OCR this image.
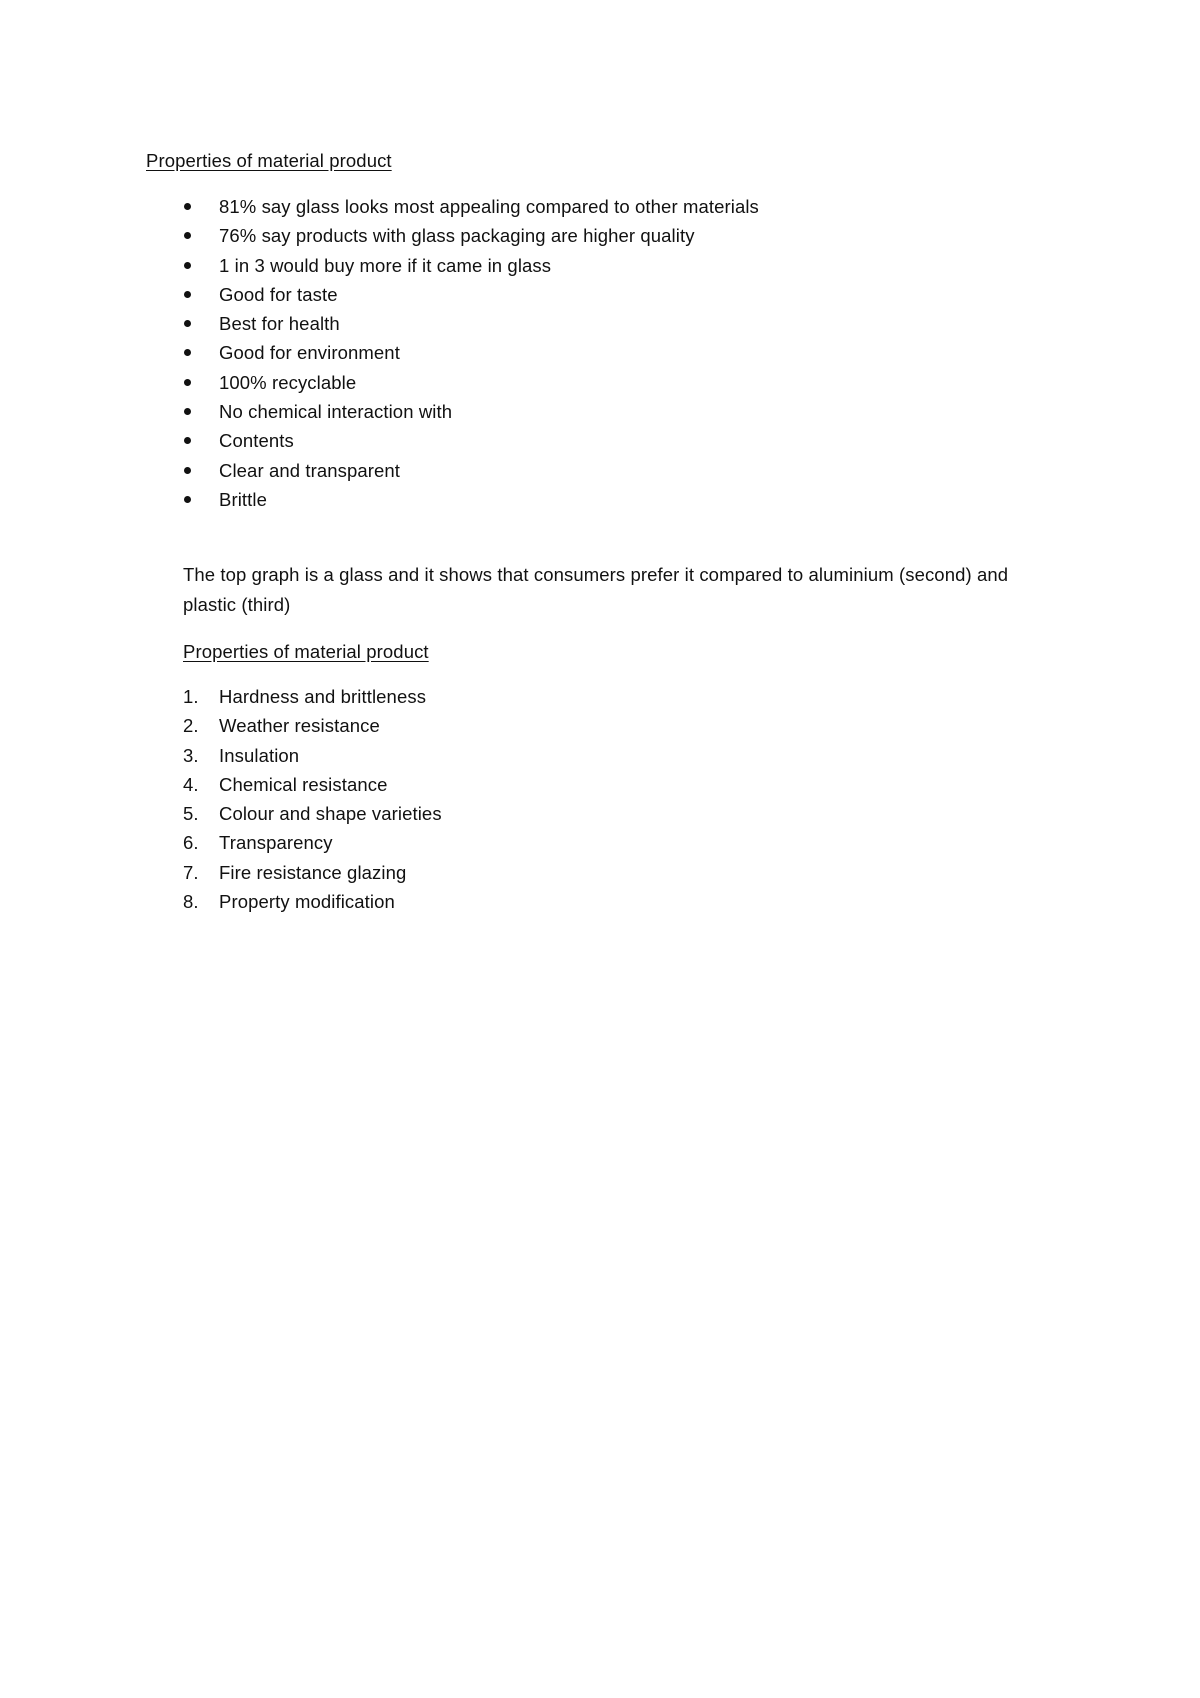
Properties of material product
81% say glass looks most appealing compared to other materials
76% say products with glass packaging are higher quality
1 in 3 would buy more if it came in glass
Good for taste
Best for health
Good for environment
100% recyclable
No chemical interaction with
Contents
Clear and transparent
Brittle

The top graph is a glass and it shows that consumers prefer it compared to aluminium (second) and plastic (third)

Properties of material product
1. Hardness and brittleness
2. Weather resistance
3. Insulation
4. Chemical resistance
5. Colour and shape varieties
6. Transparency
7. Fire resistance glazing
8. Property modification
